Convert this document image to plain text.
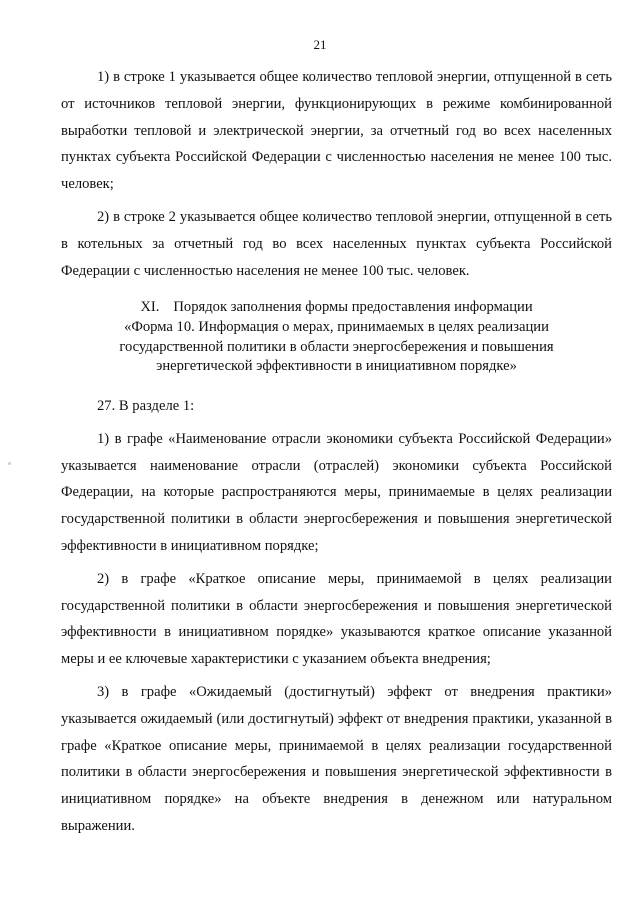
21

1) в строке 1 указывается общее количество тепловой энергии, отпущенной в сеть от источников тепловой энергии, функционирующих в режиме комбинированной выработки тепловой и электрической энергии, за отчетный год во всех населенных пунктах субъекта Российской Федерации с численностью населения не менее 100 тыс. человек;

2) в строке 2 указывается общее количество тепловой энергии, отпущенной в сеть в котельных за отчетный год во всех населенных пунктах субъекта Российской Федерации с численностью населения не менее 100 тыс. человек.

XI. Порядок заполнения формы предоставления информации
«Форма 10. Информация о мерах, принимаемых в целях реализации
государственной политики в области энергосбережения и повышения
энергетической эффективности в инициативном порядке»

27. В разделе 1:

1) в графе «Наименование отрасли экономики субъекта Российской Федерации» указывается наименование отрасли (отраслей) экономики субъекта Российской Федерации, на которые распространяются меры, принимаемые в целях реализации государственной политики в области энергосбережения и повышения энергетической эффективности в инициативном порядке;

2) в графе «Краткое описание меры, принимаемой в целях реализации государственной политики в области энергосбережения и повышения энергетической эффективности в инициативном порядке» указываются краткое описание указанной меры и ее ключевые характеристики с указанием объекта внедрения;

3) в графе «Ожидаемый (достигнутый) эффект от внедрения практики» указывается ожидаемый (или достигнутый) эффект от внедрения практики, указанной в графе «Краткое описание меры, принимаемой в целях реализации государственной политики в области энергосбережения и повышения энергетической эффективности в инициативном порядке» на объекте внедрения в денежном или натуральном выражении.
